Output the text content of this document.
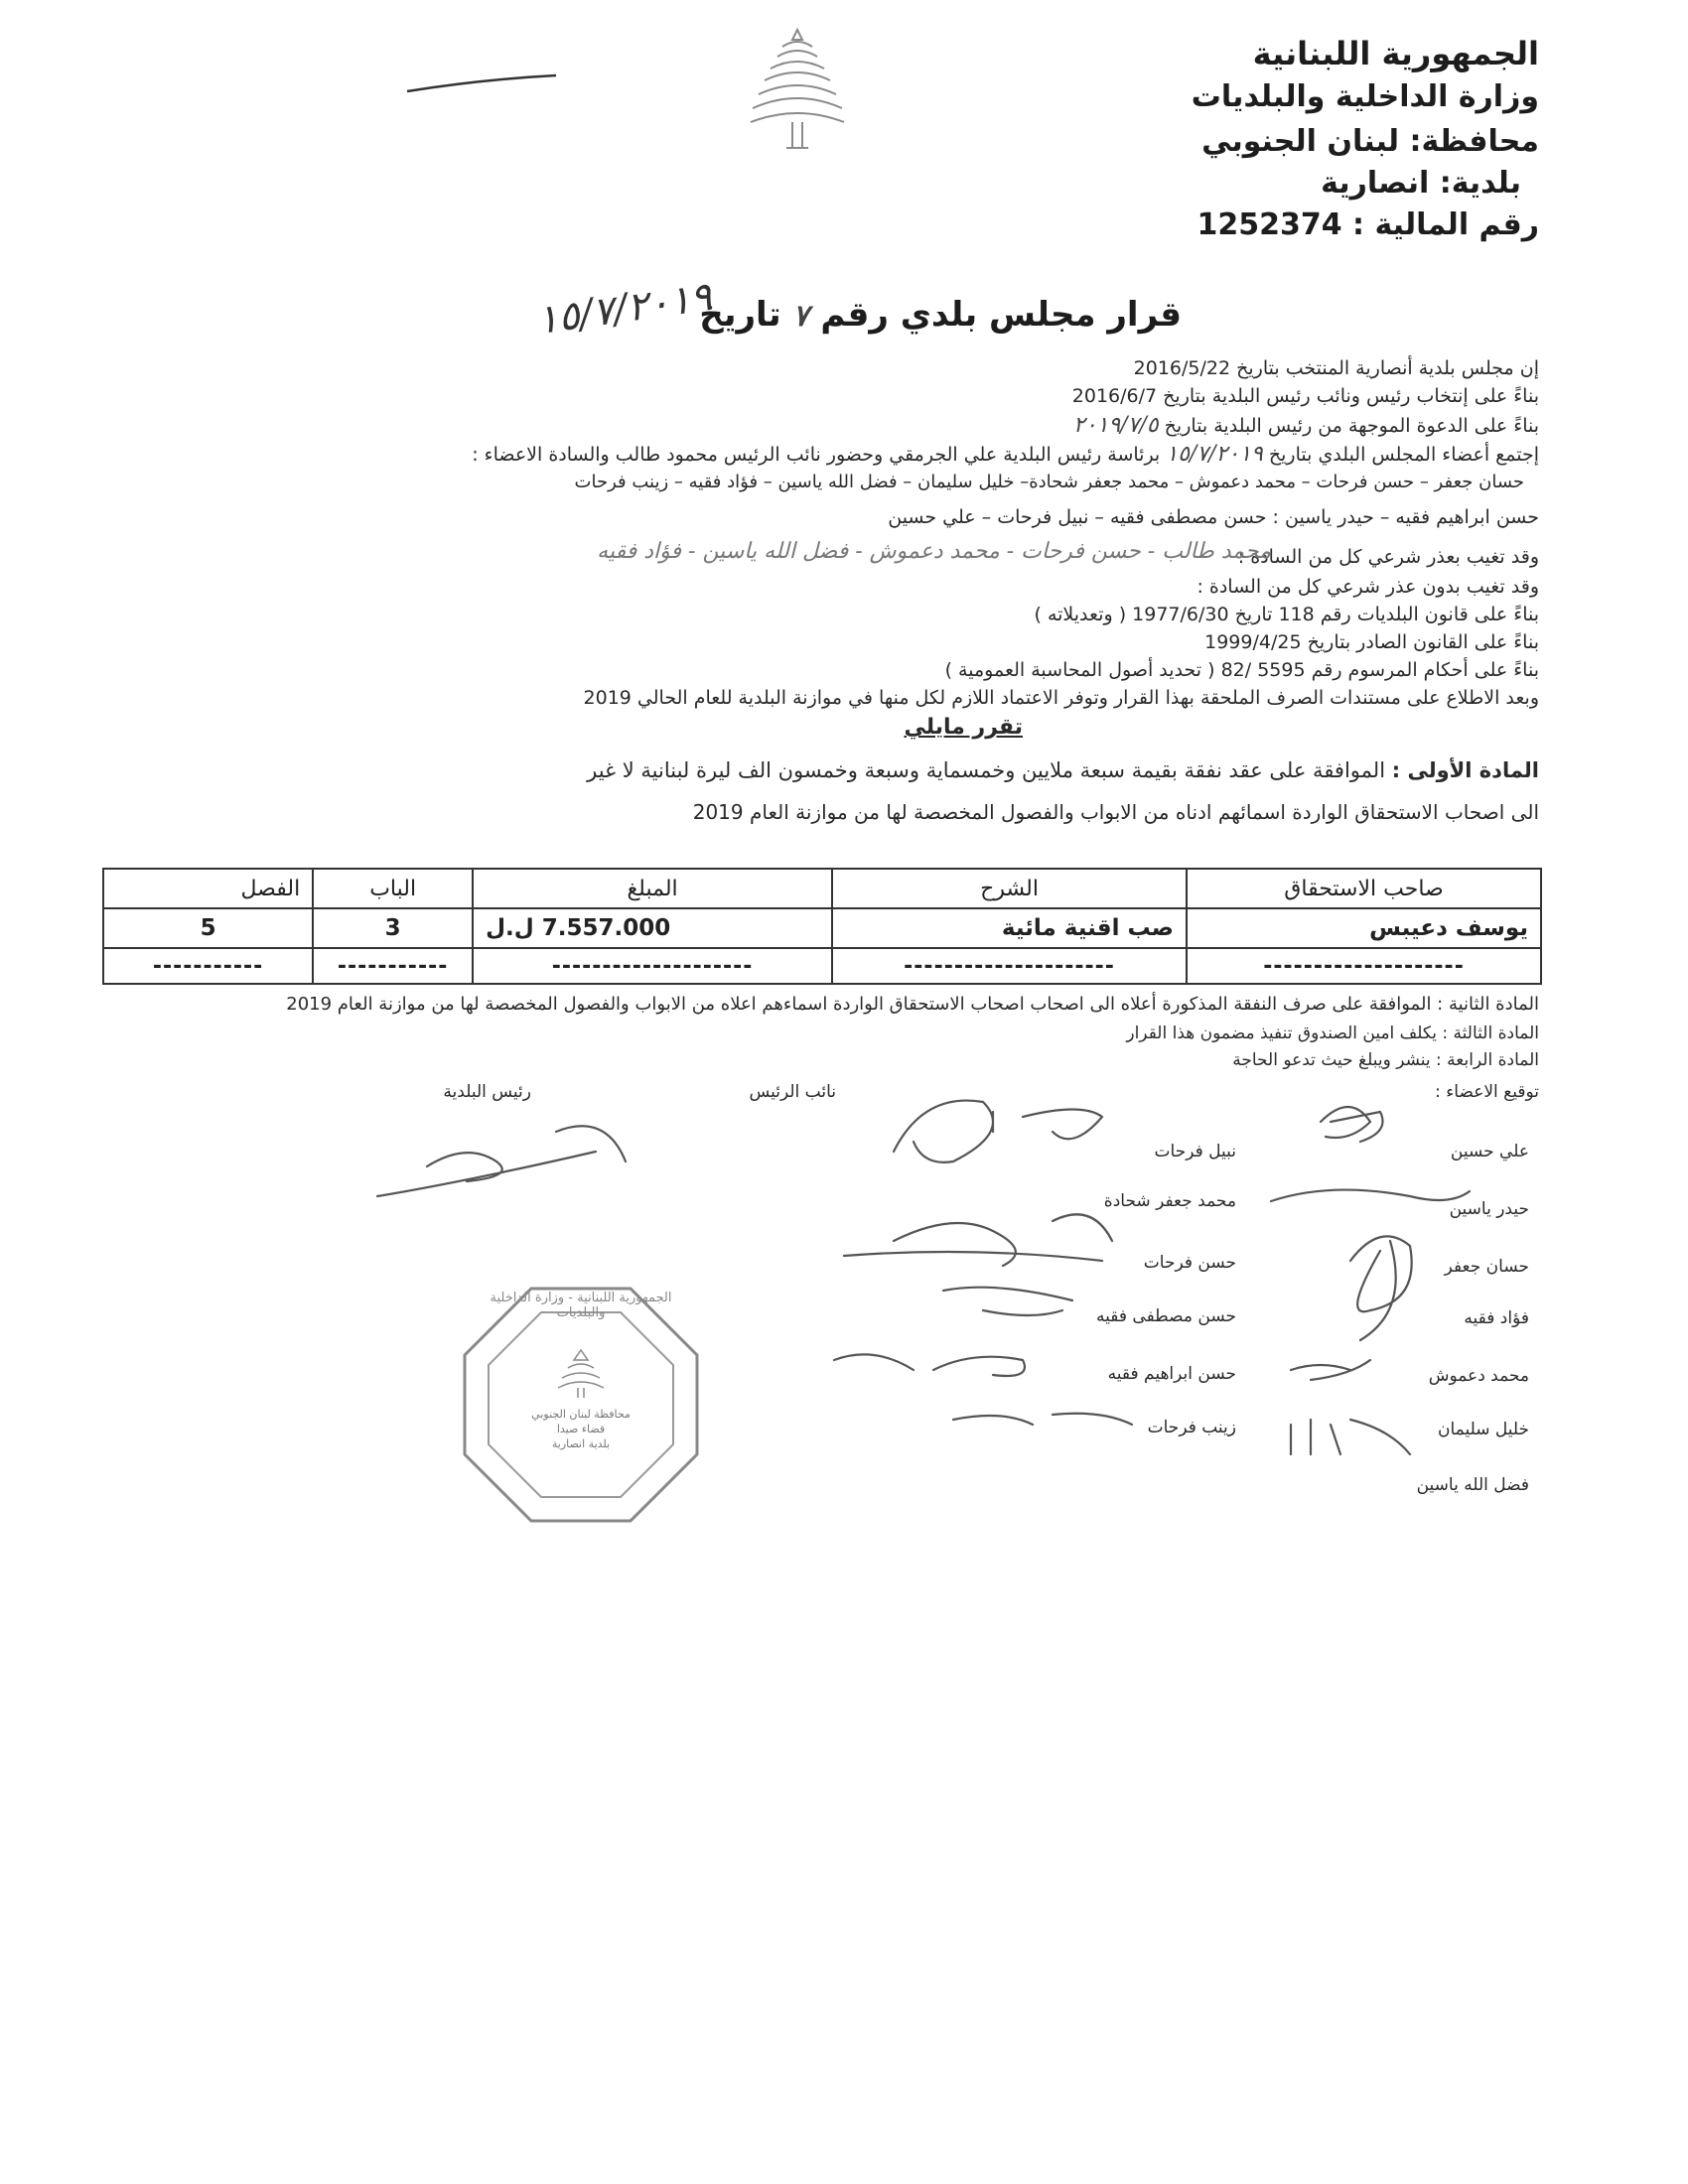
الجمهورية اللبنانية
وزارة الداخلية والبلديات
محافظة: لبنان الجنوبي
بلدية: انصارية
رقم المالية : 1252374
قرار مجلس بلدي رقم ٧ تاريخ
١٥/٧/٢٠١٩
إن مجلس بلدية أنصارية المنتخب بتاريخ 2016/5/22
بناءً على إنتخاب رئيس ونائب رئيس البلدية بتاريخ 2016/6/7
بناءً على الدعوة الموجهة من رئيس البلدية بتاريخ ٢٠١٩/٧/٥
إجتمع أعضاء المجلس البلدي بتاريخ ١٥/٧/٢٠١٩ برئاسة رئيس البلدية علي الجرمقي وحضور نائب الرئيس محمود طالب والسادة الاعضاء :
حسان جعفر – حسن فرحات – محمد دعموش – محمد جعفر شحادة– خليل سليمان – فضل الله ياسين – فؤاد فقيه – زينب فرحات
حسن ابراهيم فقيه – حيدر ياسين : حسن مصطفى فقيه – نبيل فرحات – علي حسين
وقد تغيب بعذر شرعي كل من السادة :
محمد طالب - حسن فرحات - محمد دعموش - فضل الله ياسين - فؤاد فقيه
وقد تغيب بدون عذر شرعي كل من السادة :
بناءً على قانون البلديات رقم 118 تاريخ 1977/6/30 ( وتعديلاته )
بناءً على القانون الصادر بتاريخ 1999/4/25
بناءً على أحكام المرسوم رقم 5595 /82 ( تحديد أصول المحاسبة العمومية )
وبعد الاطلاع على مستندات الصرف الملحقة بهذا القرار وتوفر الاعتماد اللازم لكل منها في موازنة البلدية للعام الحالي 2019
تقرر مايلي
المادة الأولى : الموافقة على عقد نفقة بقيمة سبعة ملايين وخمسماية وسبعة وخمسون الف ليرة لبنانية لا غير
الى اصحاب الاستحقاق الواردة اسمائهم ادناه من الابواب والفصول المخصصة لها من موازنة العام 2019
صاحب الاستحقاق	الشرح	المبلغ	الباب	الفصل
يوسف دعيبس	صب اقنية مائية	7.557.000 ل.ل	3	5
--------------------	---------------------	--------------------	-----------	-----------
المادة الثانية : الموافقة على صرف النفقة المذكورة أعلاه الى اصحاب اصحاب الاستحقاق الواردة اسماءهم اعلاه من الابواب والفصول المخصصة لها من موازنة العام 2019
المادة الثالثة : يكلف امين الصندوق تنفيذ مضمون هذا القرار
المادة الرابعة : ينشر ويبلغ حيث تدعو الحاجة
توقيع الاعضاء :
نائب الرئيس
رئيس البلدية
علي حسين
حيدر ياسين
حسان جعفر
فؤاد فقيه
محمد دعموش
خليل سليمان
فضل الله ياسين
نبيل فرحات
محمد جعفر شحادة
حسن فرحات
حسن مصطفى فقيه
حسن ابراهيم فقيه
زينب فرحات
محافظة لبنان الجنوبي
قضاء صيدا
بلدية انصارية
الجمهورية اللبنانية - وزارة الداخلية والبلديات
